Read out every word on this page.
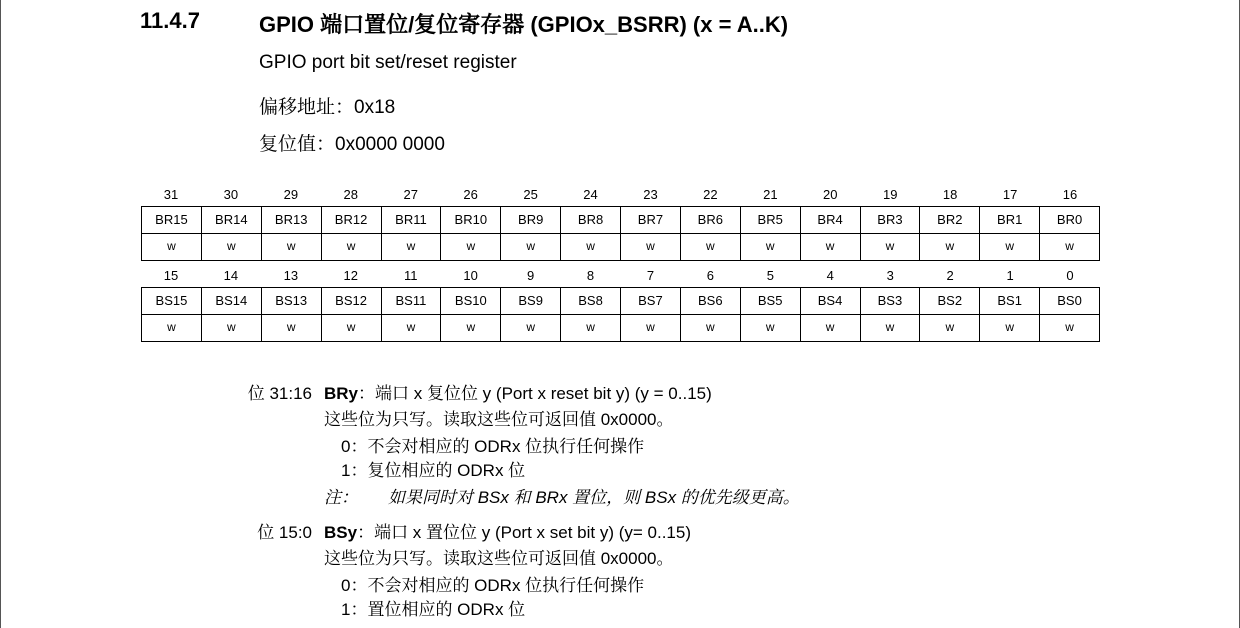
11.4.7	GPIO 端口置位/复位寄存器 (GPIOx_BSRR) (x = A..K)
GPIO port bit set/reset register
偏移地址：0x18
复位值：0x0000 0000
31	30	29	28	27	26	25	24	23	22	21	20	19	18	17	16
BR15	BR14	BR13	BR12	BR11	BR10	BR9	BR8	BR7	BR6	BR5	BR4	BR3	BR2	BR1	BR0
w	w	w	w	w	w	w	w	w	w	w	w	w	w	w	w
15	14	13	12	11	10	9	8	7	6	5	4	3	2	1	0
BS15	BS14	BS13	BS12	BS11	BS10	BS9	BS8	BS7	BS6	BS5	BS4	BS3	BS2	BS1	BS0
w	w	w	w	w	w	w	w	w	w	w	w	w	w	w	w
位 31:16 BRy：端口 x 复位位 y (Port x reset bit y) (y = 0..15)
这些位为只写。读取这些位可返回值 0x0000。
0：不会对相应的 ODRx 位执行任何操作
1：复位相应的 ODRx 位
注： 如果同时对 BSx 和 BRx 置位，则 BSx 的优先级更高。
位 15:0 BSy：端口 x 置位位 y (Port x set bit y) (y= 0..15)
这些位为只写。读取这些位可返回值 0x0000。
0：不会对相应的 ODRx 位执行任何操作
1：置位相应的 ODRx 位
